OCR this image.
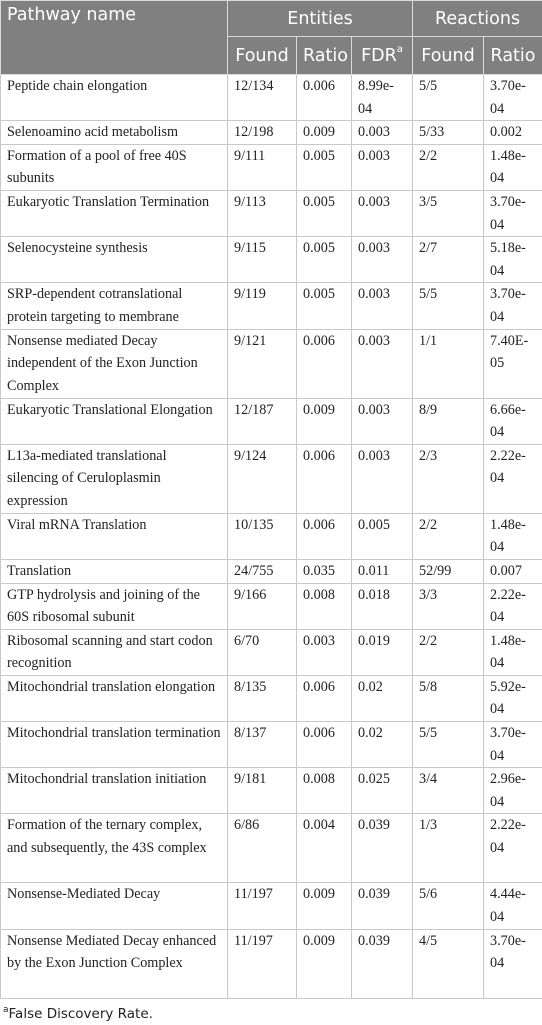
Pathway name	Entities			Reactions	
	Found	Ratio	FDR$^a$	Found	Ratio
Peptide chain elongation	12/134	0.006	8.99e-04	5/5	3.70e-04
Selenoamino acid metabolism	12/198	0.009	0.003	5/33	0.002
Formation of a pool of free 40S subunits	9/111	0.005	0.003	2/2	1.48e-04
Eukaryotic Translation Termination	9/113	0.005	0.003	3/5	3.70e-04
Selenocysteine synthesis	9/115	0.005	0.003	2/7	5.18e-04
SRP-dependent cotranslational protein targeting to membrane	9/119	0.005	0.003	5/5	3.70e-04
Nonsense mediated Decay independent of the Exon Junction Complex	9/121	0.006	0.003	1/1	7.40E-05
Eukaryotic Translational Elongation	12/187	0.009	0.003	8/9	6.66e-04
L13a-mediated translational silencing of Ceruloplasmin expression	9/124	0.006	0.003	2/3	2.22e-04
Viral mRNA Translation	10/135	0.006	0.005	2/2	1.48e-04
Translation	24/755	0.035	0.011	52/99	0.007
GTP hydrolysis and joining of the 60S ribosomal subunit	9/166	0.008	0.018	3/3	2.22e-04
Ribosomal scanning and start codon recognition	6/70	0.003	0.019	2/2	1.48e-04
Mitochondrial translation elongation	8/135	0.006	0.02	5/8	5.92e-04
Mitochondrial translation termination	8/137	0.006	0.02	5/5	3.70e-04
Mitochondrial translation initiation	9/181	0.008	0.025	3/4	2.96e-04
Formation of the ternary complex, and subsequently, the 43S complex	6/86	0.004	0.039	1/3	2.22e-04
Nonsense-Mediated Decay	11/197	0.009	0.039	5/6	4.44e-04
Nonsense Mediated Decay enhanced by the Exon Junction Complex	11/197	0.009	0.039	4/5	3.70e-04
$^a$False Discovery Rate.
